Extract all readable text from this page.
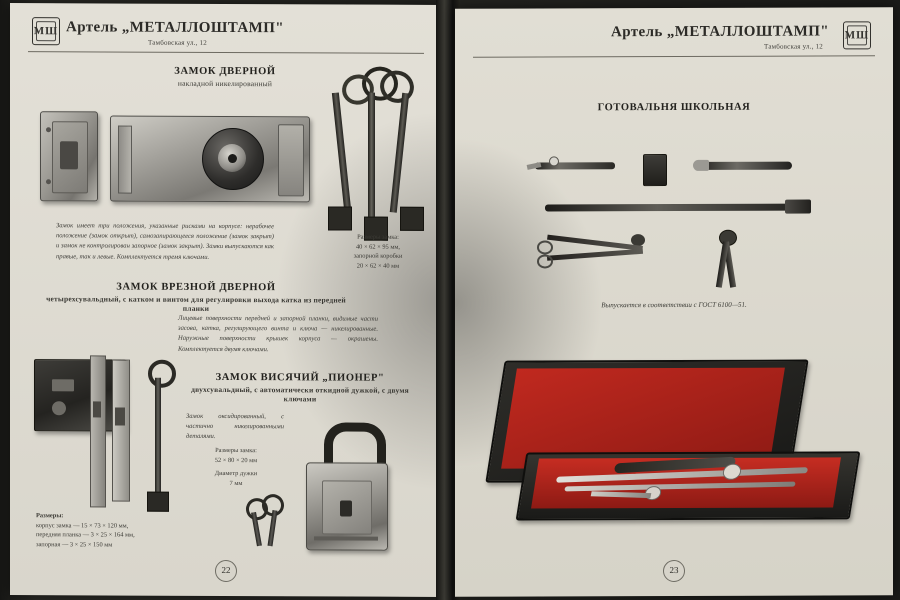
МШ Артель „МЕТАЛЛОШТАМП"
Тамбовская ул., 12
ЗАМОК ДВЕРНОЙ
накладной никелированный
Замок имеет три положения, указанные рисками на корпусе: нерабочее положение (замок открыт), самозапирающееся положение (замок закрыт) и замок не контролирован запорное (замок закрыт). Замки выпускаются как правые, так и левые. Комплектуется тремя ключами.
Размеры замка:
40 × 62 × 95 мм,
запорной коробки
20 × 62 × 40 мм
ЗАМОК ВРЕЗНОЙ ДВЕРНОЙ
четырехсувальдный, с катком и винтом для регулировки выхода катка из передней планки
Лицевые поверхности передней и запорной планки, видимые части засова, катка, регулирующего винта и ключа — никелированные. Наружные поверхности крышек корпуса — окрашены. Комплектуется двумя ключами.
ЗАМОК ВИСЯЧИЙ „ПИОНЕР"
двухсувальдный, с автоматически откидной дужкой, с двумя ключами
Замок оксидированный, с частично никелированными деталями.
Размеры замка:
52 × 80 × 20 мм
Диаметр дужки
7 мм
Размеры:
корпус замка — 15 × 73 × 120 мм,
передняя планка — 3 × 25 × 164 мм,
запорная — 3 × 25 × 150 мм
22
МШ
Артель „МЕТАЛЛОШТАМП"
Тамбовская ул., 12
ГОТОВАЛЬНЯ ШКОЛЬНАЯ
Выпускается в соответствии с ГОСТ 6100—51.
23
